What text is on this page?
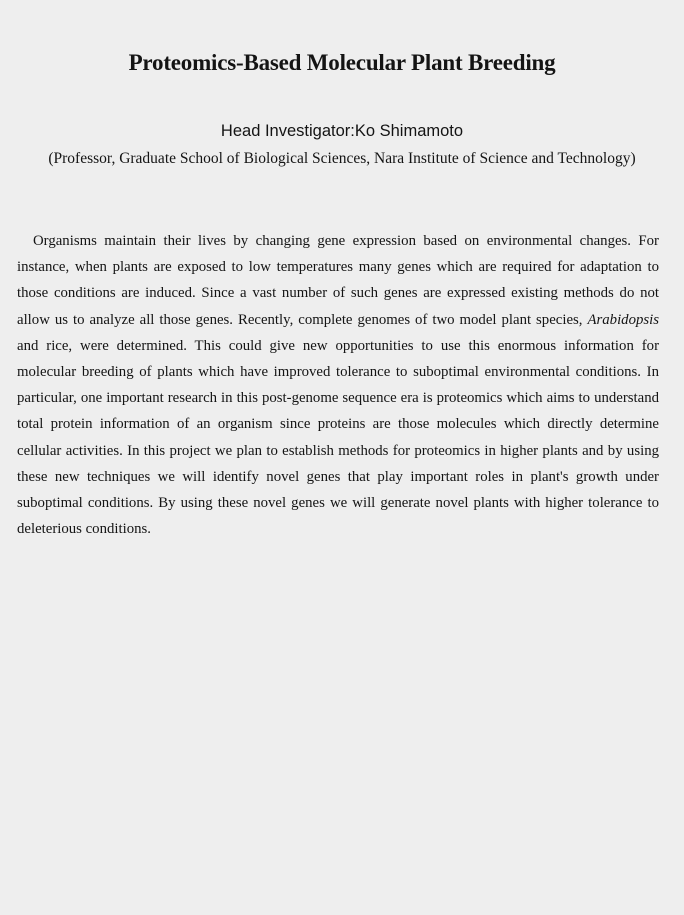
Proteomics-Based Molecular Plant Breeding
Head Investigator:Ko Shimamoto
(Professor, Graduate School of Biological Sciences, Nara Institute of Science and Technology)

Organisms maintain their lives by changing gene expression based on environmental changes. For instance, when plants are exposed to low temperatures many genes which are required for adaptation to those conditions are induced. Since a vast number of such genes are expressed existing methods do not allow us to analyze all those genes. Recently, complete genomes of two model plant species, Arabidopsis and rice, were determined. This could give new opportunities to use this enormous information for molecular breeding of plants which have improved tolerance to suboptimal environmental conditions. In particular, one important research in this post-genome sequence era is proteomics which aims to understand total protein information of an organism since proteins are those molecules which directly determine cellular activities. In this project we plan to establish methods for proteomics in higher plants and by using these new techniques we will identify novel genes that play important roles in plant's growth under suboptimal conditions. By using these novel genes we will generate novel plants with higher tolerance to deleterious conditions.
